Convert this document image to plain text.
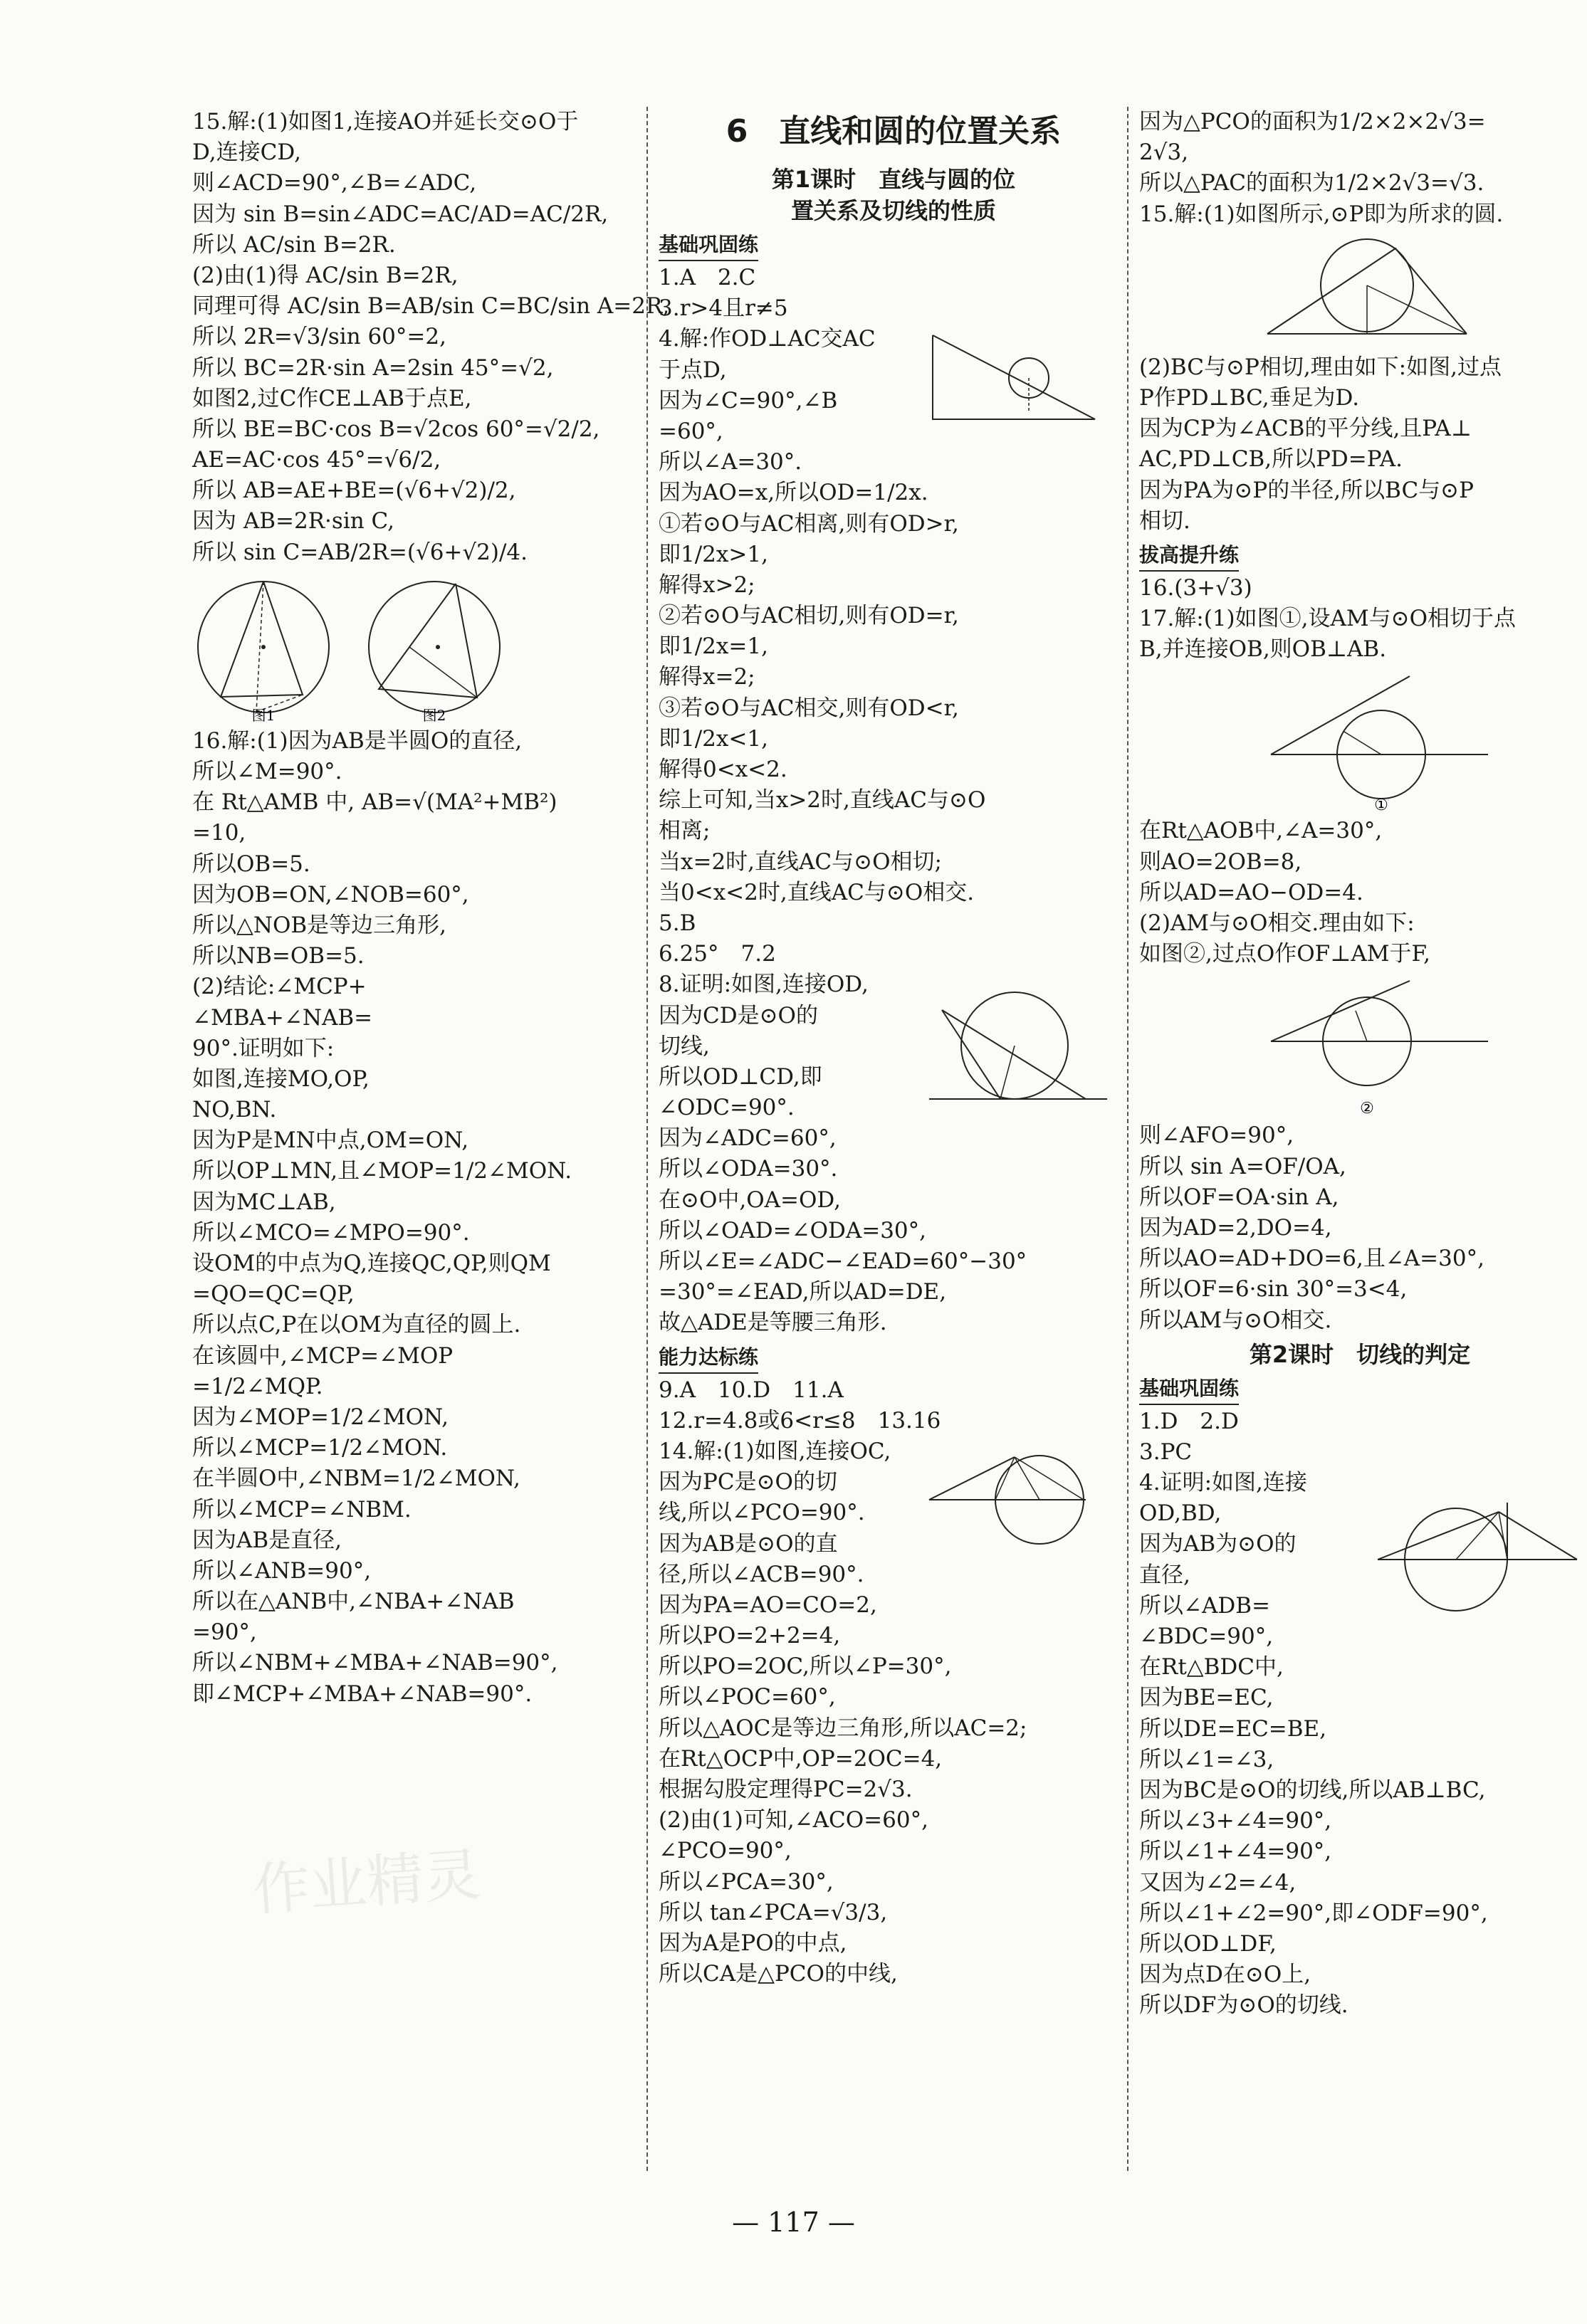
15.解:(1)如图1,连接AO并延长交⊙O于
D,连接CD,
则∠ACD=90°,∠B=∠ADC,
因为 sin B=sin∠ADC=AC/AD=AC/2R,
所以 AC/sin B=2R.
(2)由(1)得 AC/sin B=2R,
同理可得 AC/sin B=AB/sin C=BC/sin A=2R,
所以 2R=√3/sin 60°=2,
所以 BC=2R·sin A=2sin 45°=√2,
如图2,过C作CE⊥AB于点E,
所以 BE=BC·cos B=√2cos 60°=√2/2,
AE=AC·cos 45°=√6/2,
所以 AB=AE+BE=(√6+√2)/2,
因为 AB=2R·sin C,
所以 sin C=AB/2R=(√6+√2)/4.
图1	图2
16.解:(1)因为AB是半圆O的直径,
所以∠M=90°.
在 Rt△AMB 中, AB=√(MA²+MB²)
=10,
所以OB=5.
因为OB=ON,∠NOB=60°,
所以△NOB是等边三角形,
所以NB=OB=5.
(2)结论:∠MCP+
∠MBA+∠NAB=
90°.证明如下:
如图,连接MO,OP,
NO,BN.
因为P是MN中点,OM=ON,
所以OP⊥MN,且∠MOP=1/2∠MON.
因为MC⊥AB,
所以∠MCO=∠MPO=90°.
设OM的中点为Q,连接QC,QP,则QM
=QO=QC=QP,
所以点C,P在以OM为直径的圆上.
在该圆中,∠MCP=∠MOP
=1/2∠MQP.
因为∠MOP=1/2∠MON,
所以∠MCP=1/2∠MON.
在半圆O中,∠NBM=1/2∠MON,
所以∠MCP=∠NBM.
因为AB是直径,
所以∠ANB=90°,
所以在△ANB中,∠NBA+∠NAB
=90°,
所以∠NBM+∠MBA+∠NAB=90°,
即∠MCP+∠MBA+∠NAB=90°.
6　直线和圆的位置关系
第1课时　直线与圆的位
置关系及切线的性质
基础巩固练
1.A　2.C
3.r>4且r≠5
4.解:作OD⊥AC交AC
于点D,
因为∠C=90°,∠B
=60°,
所以∠A=30°.
因为AO=x,所以OD=1/2x.
①若⊙O与AC相离,则有OD>r,
即1/2x>1,
解得x>2;
②若⊙O与AC相切,则有OD=r,
即1/2x=1,
解得x=2;
③若⊙O与AC相交,则有OD<r,
即1/2x<1,
解得0<x<2.
综上可知,当x>2时,直线AC与⊙O
相离;
当x=2时,直线AC与⊙O相切;
当0<x<2时,直线AC与⊙O相交.
5.B
6.25°　7.2
8.证明:如图,连接OD,
因为CD是⊙O的
切线,
所以OD⊥CD,即
∠ODC=90°.
因为∠ADC=60°,
所以∠ODA=30°.
在⊙O中,OA=OD,
所以∠OAD=∠ODA=30°,
所以∠E=∠ADC−∠EAD=60°−30°
=30°=∠EAD,所以AD=DE,
故△ADE是等腰三角形.
能力达标练
9.A　10.D　11.A
12.r=4.8或6<r≤8　13.16
14.解:(1)如图,连接OC,
因为PC是⊙O的切
线,所以∠PCO=90°.
因为AB是⊙O的直
径,所以∠ACB=90°.
因为PA=AO=CO=2,
所以PO=2+2=4,
所以PO=2OC,所以∠P=30°,
所以∠POC=60°,
所以△AOC是等边三角形,所以AC=2;
在Rt△OCP中,OP=2OC=4,
根据勾股定理得PC=2√3.
(2)由(1)可知,∠ACO=60°,
∠PCO=90°,
所以∠PCA=30°,
所以 tan∠PCA=√3/3,
因为A是PO的中点,
所以CA是△PCO的中线,
因为△PCO的面积为1/2×2×2√3=
2√3,
所以△PAC的面积为1/2×2√3=√3.
15.解:(1)如图所示,⊙P即为所求的圆.
(2)BC与⊙P相切,理由如下:如图,过点
P作PD⊥BC,垂足为D.
因为CP为∠ACB的平分线,且PA⊥
AC,PD⊥CB,所以PD=PA.
因为PA为⊙P的半径,所以BC与⊙P
相切.
拔高提升练
16.(3+√3)
17.解:(1)如图①,设AM与⊙O相切于点
B,并连接OB,则OB⊥AB.
①
在Rt△AOB中,∠A=30°,
则AO=2OB=8,
所以AD=AO−OD=4.
(2)AM与⊙O相交.理由如下:
如图②,过点O作OF⊥AM于F,
②
则∠AFO=90°,
所以 sin A=OF/OA,
所以OF=OA·sin A,
因为AD=2,DO=4,
所以AO=AD+DO=6,且∠A=30°,
所以OF=6·sin 30°=3<4,
所以AM与⊙O相交.
第2课时　切线的判定
基础巩固练
1.D　2.D
3.PC
4.证明:如图,连接
OD,BD,
因为AB为⊙O的
直径,
所以∠ADB=
∠BDC=90°,
在Rt△BDC中,
因为BE=EC,
所以DE=EC=BE,
所以∠1=∠3,
因为BC是⊙O的切线,所以AB⊥BC,
所以∠3+∠4=90°,
所以∠1+∠4=90°,
又因为∠2=∠4,
所以∠1+∠2=90°,即∠ODF=90°,
所以OD⊥DF,
因为点D在⊙O上,
所以DF为⊙O的切线.
作业精灵
— 117 —
